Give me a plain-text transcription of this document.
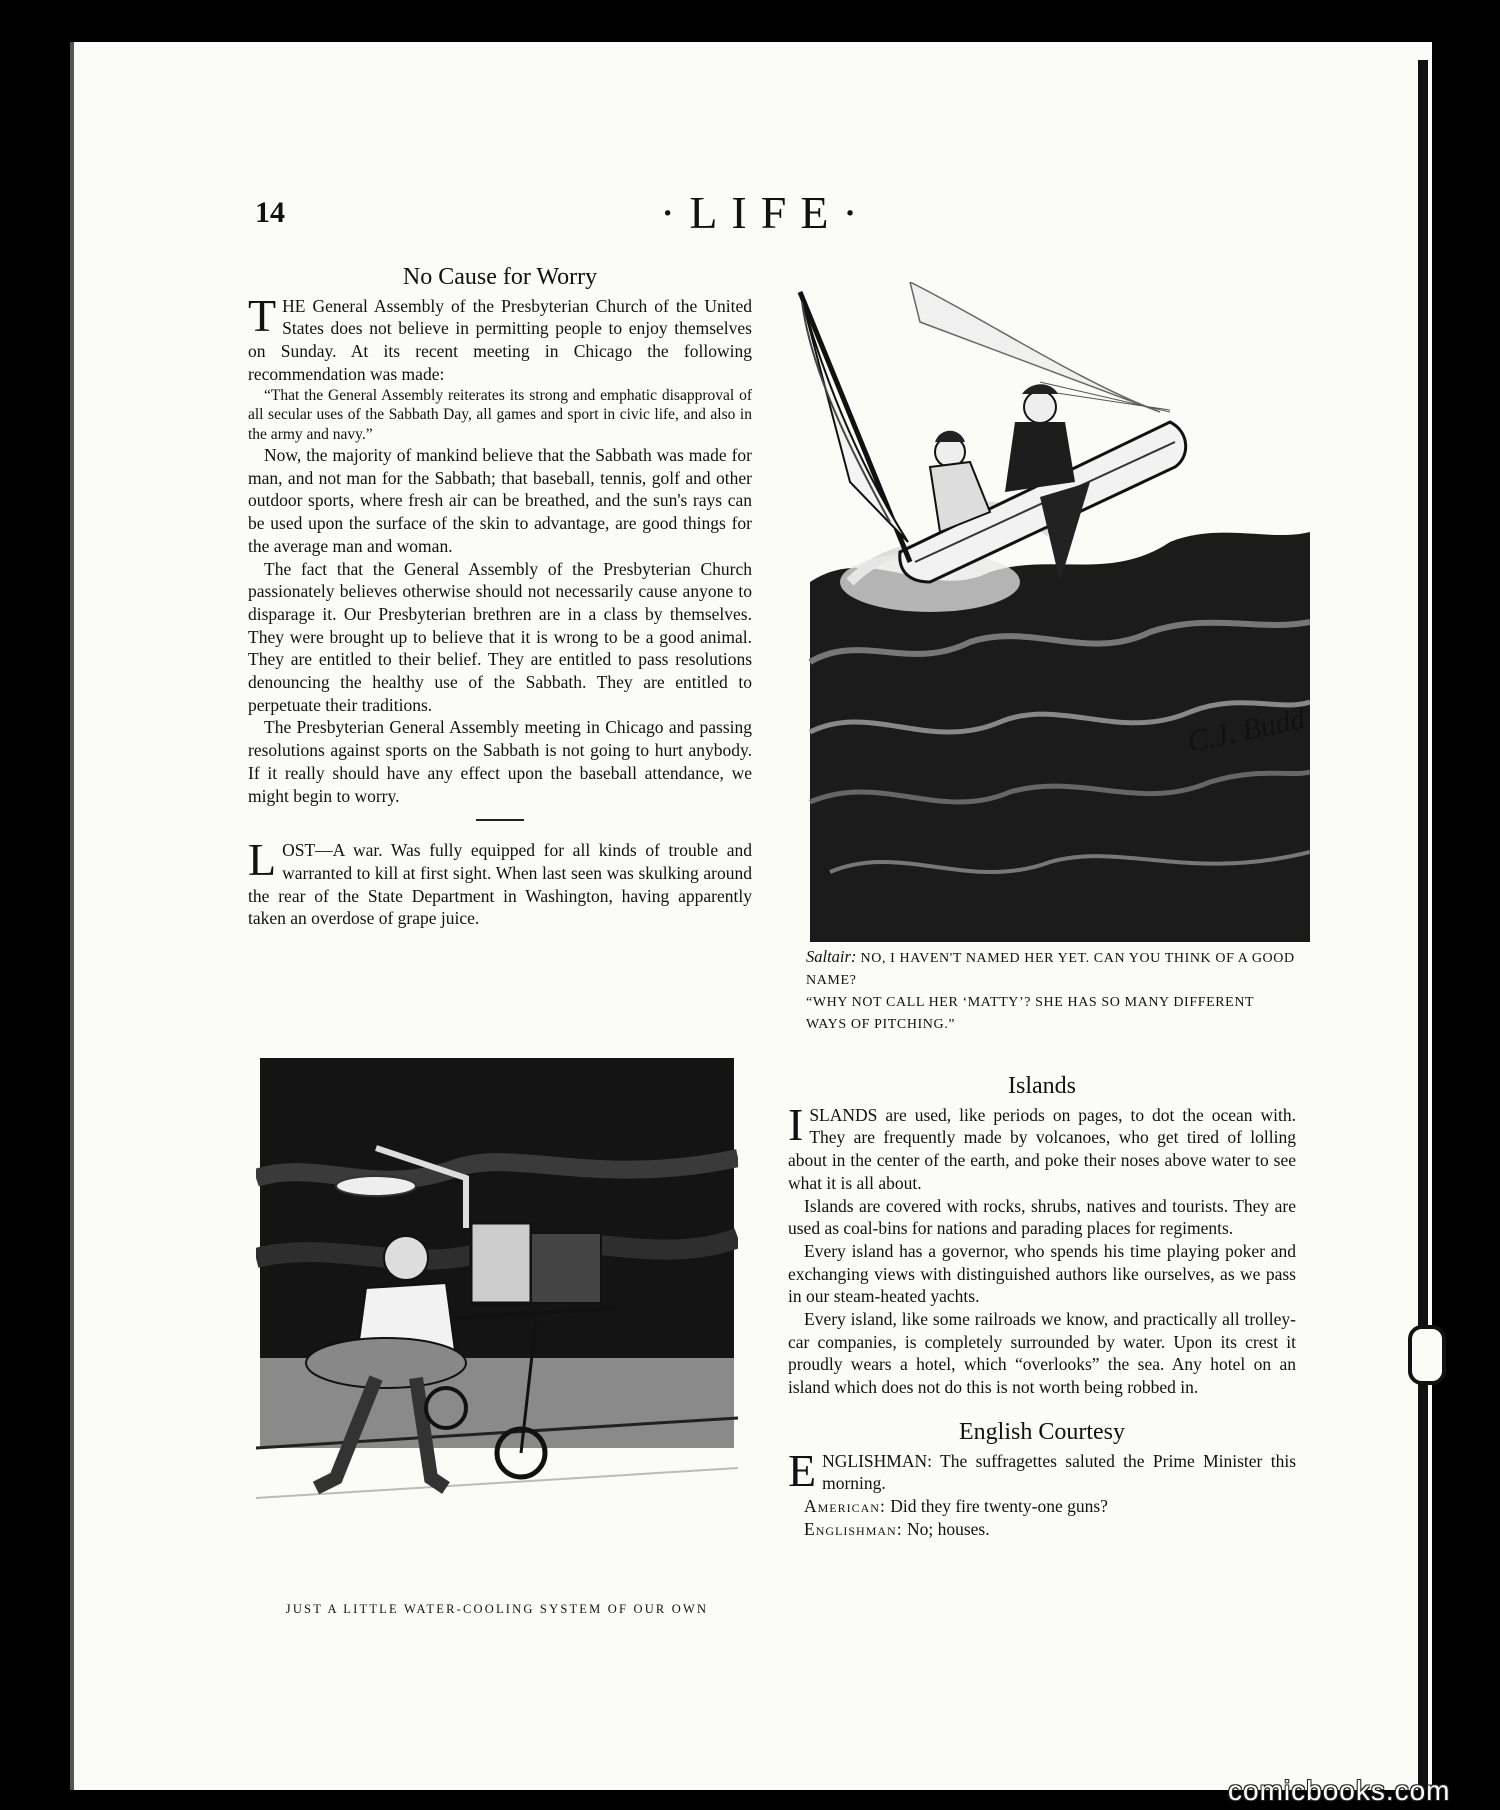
14	·LIFE·
No Cause for Worry

THE General Assembly of the Presbyterian Church of the United States does not believe in permitting people to enjoy themselves on Sunday. At its recent meeting in Chicago the following recommendation was made:

“That the General Assembly reiterates its strong and emphatic disapproval of all secular uses of the Sabbath Day, all games and sport in civic life, and also in the army and navy.”

Now, the majority of mankind believe that the Sabbath was made for man, and not man for the Sabbath; that baseball, tennis, golf and other outdoor sports, where fresh air can be breathed, and the sun's rays can be used upon the surface of the skin to advantage, are good things for the average man and woman.

The fact that the General Assembly of the Presbyterian Church passionately believes otherwise should not necessarily cause anyone to disparage it. Our Presbyterian brethren are in a class by themselves. They were brought up to believe that it is wrong to be a good animal. They are entitled to their belief. They are entitled to pass resolutions denouncing the healthy use of the Sabbath. They are entitled to perpetuate their traditions.

The Presbyterian General Assembly meeting in Chicago and passing resolutions against sports on the Sabbath is not going to hurt anybody. If it really should have any effect upon the baseball attendance, we might begin to worry.

LOST—A war. Was fully equipped for all kinds of trouble and warranted to kill at first sight. When last seen was skulking around the rear of the State Department in Washington, having apparently taken an overdose of grape juice.

C.J. Budd
Saltair: NO, I HAVEN'T NAMED HER YET. CAN YOU THINK OF A GOOD NAME?
“WHY NOT CALL HER ‘MATTY’? SHE HAS SO MANY DIFFERENT WAYS OF PITCHING.”
JUST A LITTLE WATER-COOLING SYSTEM OF OUR OWN
Islands

ISLANDS are used, like periods on pages, to dot the ocean with. They are frequently made by volcanoes, who get tired of lolling about in the center of the earth, and poke their noses above water to see what it is all about.

Islands are covered with rocks, shrubs, natives and tourists. They are used as coal-bins for nations and parading places for regiments.

Every island has a governor, who spends his time playing poker and exchanging views with distinguished authors like ourselves, as we pass in our steam-heated yachts.

Every island, like some railroads we know, and practically all trolley-car companies, is completely surrounded by water. Upon its crest it proudly wears a hotel, which “overlooks” the sea. Any hotel on an island which does not do this is not worth being robbed in.

English Courtesy

ENGLISHMAN: The suffragettes saluted the Prime Minister this morning.

American: Did they fire twenty-one guns?

Englishman: No; houses.

comicbooks.com
